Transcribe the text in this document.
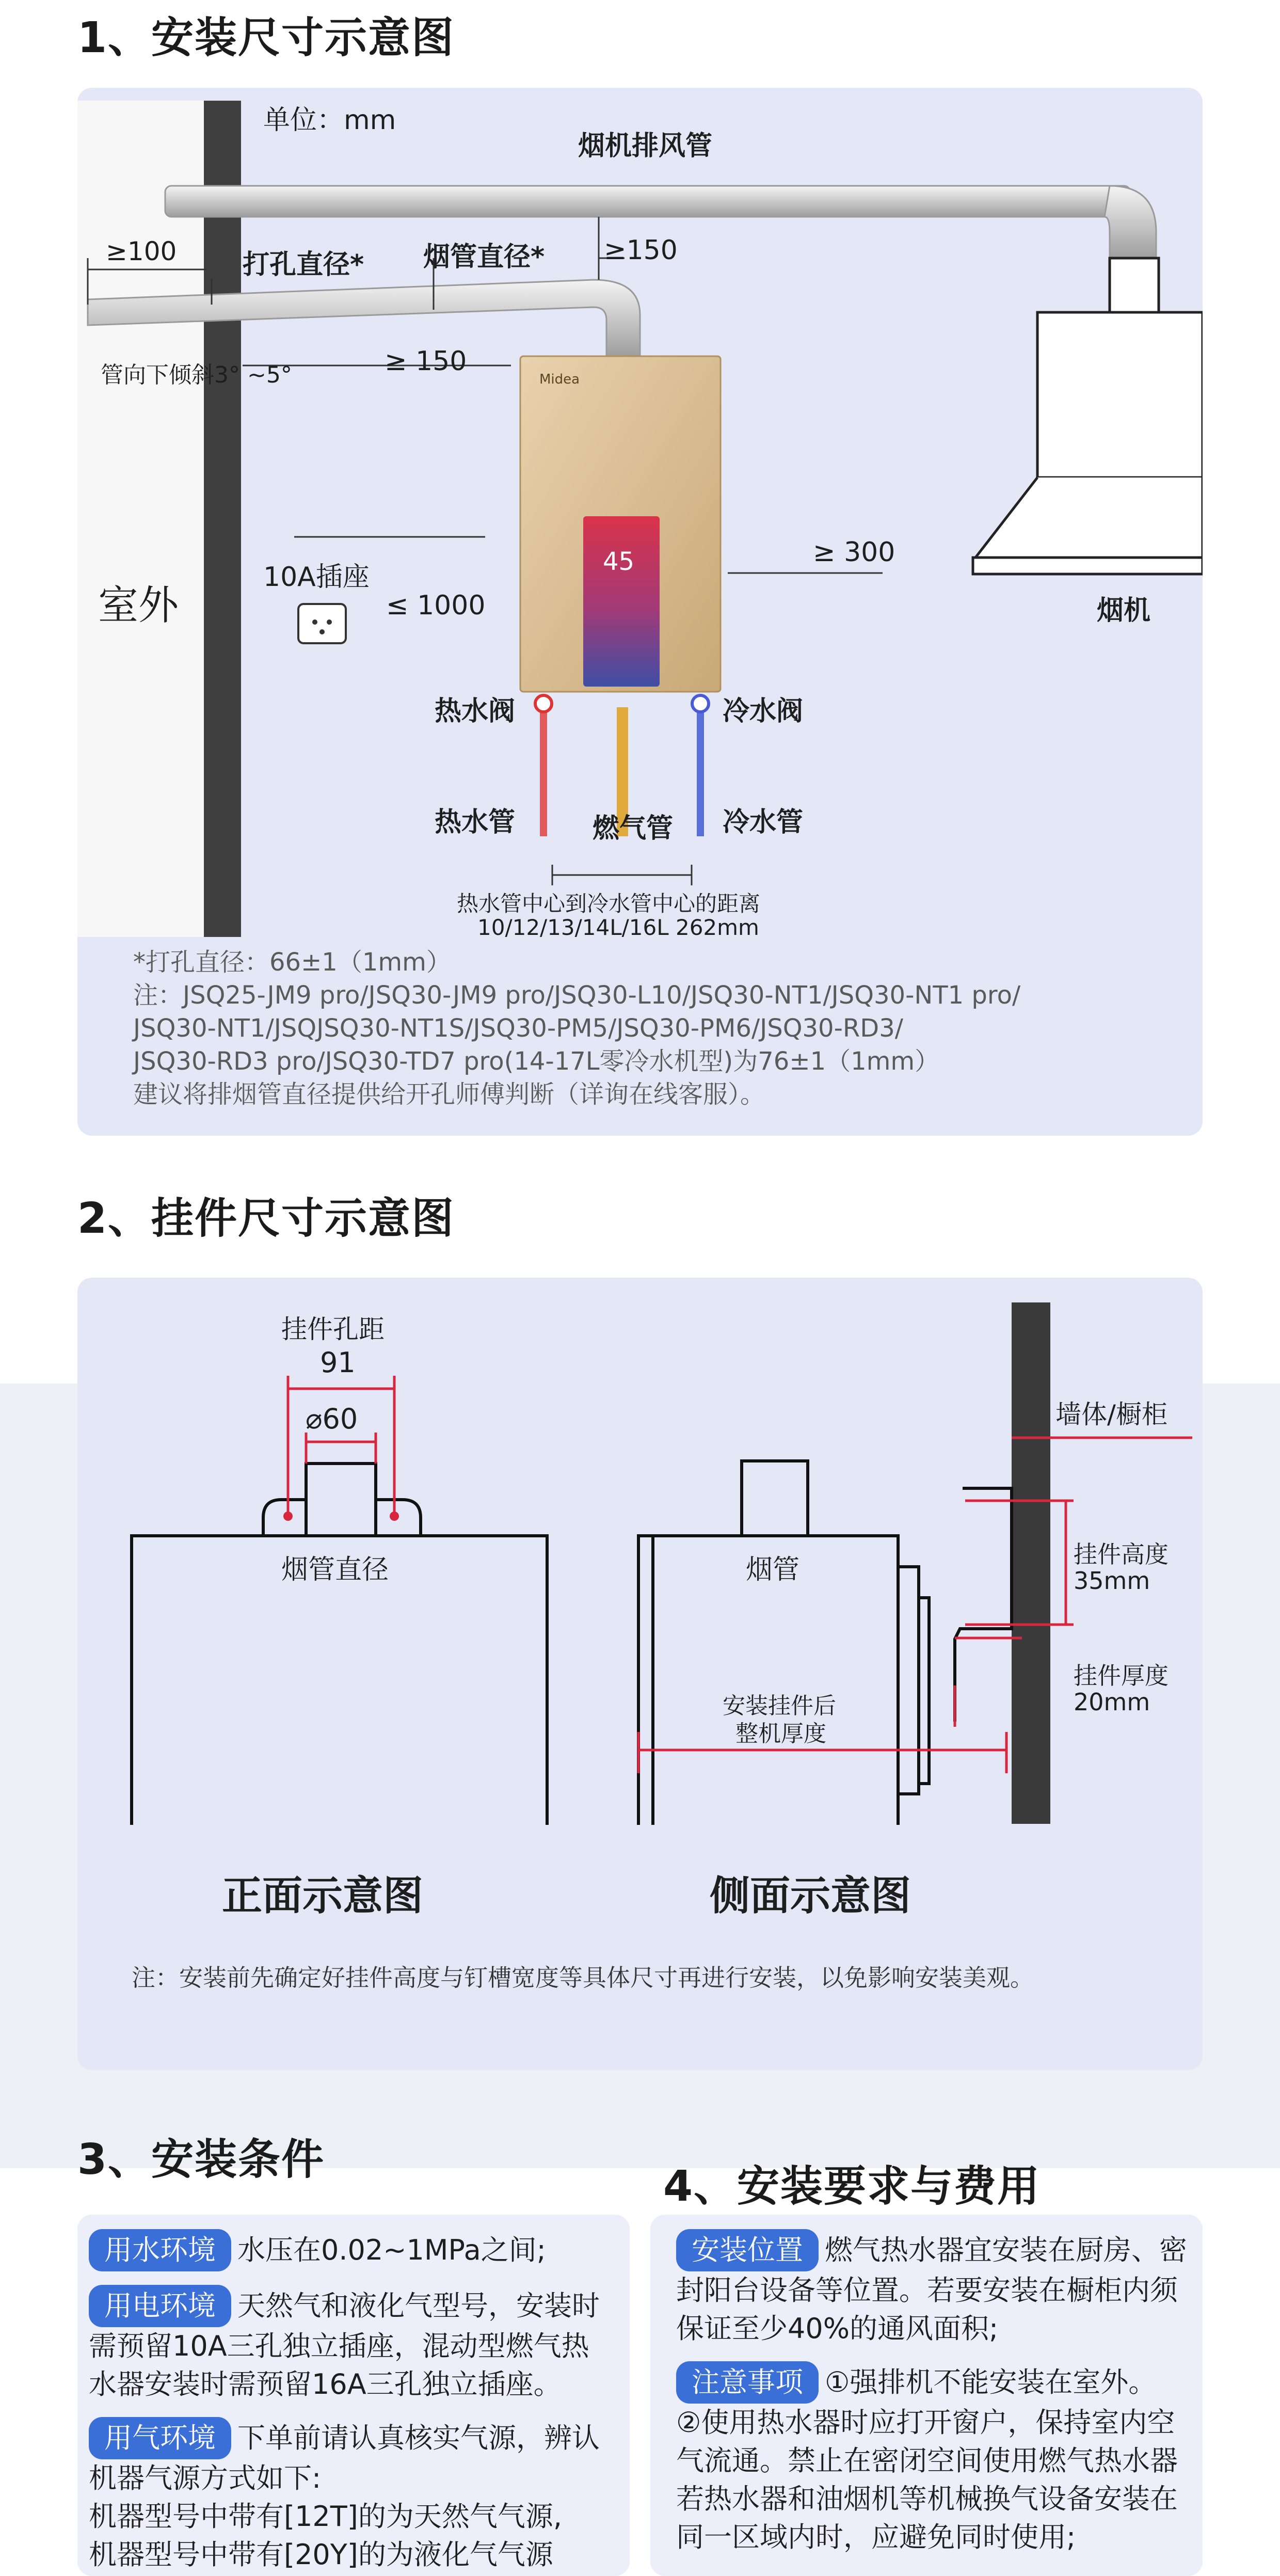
1、安装尺寸示意图
单位：mm
烟机排风管
≥100 打孔直径* 烟管直径* ≥150
管向下倾斜3° ~5°	≥ 150
室外
10A插座
≤ 1000
≥ 300
烟机
Midea
45
热水阀	冷水阀
热水管	燃气管 冷水管
热水管中心到冷水管中心的距离
10/12/13/14L/16L 262mm
*打孔直径：66±1（1mm）
注：JSQ25-JM9 pro/JSQ30-JM9 pro/JSQ30-L10/JSQ30-NT1/JSQ30-NT1 pro/
JSQ30-NT1/JSQJSQ30-NT1S/JSQ30-PM5/JSQ30-PM6/JSQ30-RD3/
JSQ30-RD3 pro/JSQ30-TD7 pro(14-17L零冷水机型)为76±1（1mm）
建议将排烟管直径提供给开孔师傅判断（详询在线客服）。
2、挂件尺寸示意图
挂件孔距
91
⌀60
烟管直径	烟管
墙体/橱柜
挂件高度
35mm
挂件厚度
20mm
安装挂件后
整机厚度
正面示意图	侧面示意图
注：安装前先确定好挂件高度与钉槽宽度等具体尺寸再进行安装，以免影响安装美观。
3、安装条件
4、安装要求与费用

用水环境 水压在0.02~1MPa之间;

用电环境 天然气和液化气型号，安装时需预留10A三孔独立插座，混动型燃气热水器安装时需预留16A三孔独立插座。

用气环境 下单前请认真核实气源，辨认机器气源方式如下:
机器型号中带有[12T]的为天然气气源,
机器型号中带有[20Y]的为液化气气源

安装位置 燃气热水器宜安装在厨房、密封阳台设备等位置。若要安装在橱柜内须保证至少40%的通风面积;

注意事项 ①强排机不能安装在室外。
②使用热水器时应打开窗户，保持室内空气流通。禁止在密闭空间使用燃气热水器若热水器和油烟机等机械换气设备安装在同一区域内时，应避免同时使用;
